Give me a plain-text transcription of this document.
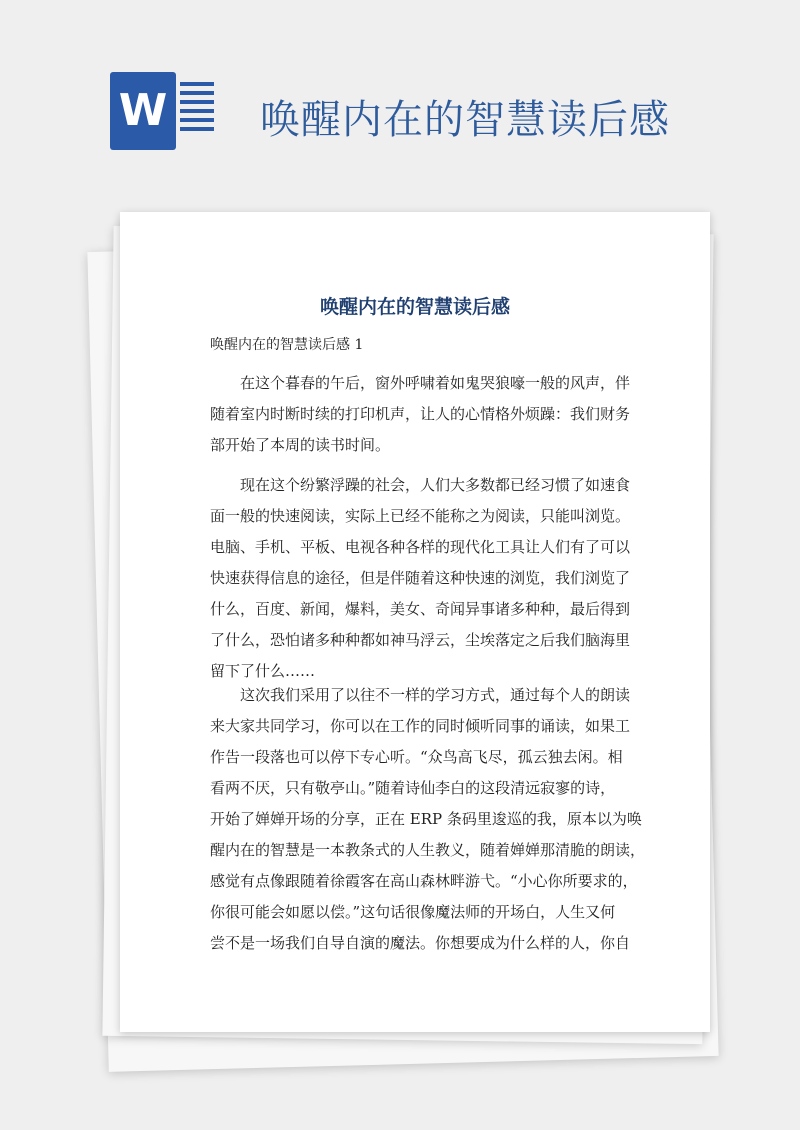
W 唤醒内在的智慧读后感
唤醒内在的智慧读后感
唤醒内在的智慧读后感 1
在这个暮春的午后，窗外呼啸着如鬼哭狼嚎一般的风声，伴
随着室内时断时续的打印机声，让人的心情格外烦躁：我们财务
部开始了本周的读书时间。
现在这个纷繁浮躁的社会，人们大多数都已经习惯了如速食
面一般的快速阅读，实际上已经不能称之为阅读，只能叫浏览。
电脑、手机、平板、电视各种各样的现代化工具让人们有了可以
快速获得信息的途径，但是伴随着这种快速的浏览，我们浏览了
什么，百度、新闻，爆料，美女、奇闻异事诸多种种，最后得到
了什么，恐怕诸多种种都如神马浮云，尘埃落定之后我们脑海里
留下了什么……
这次我们采用了以往不一样的学习方式，通过每个人的朗读
来大家共同学习，你可以在工作的同时倾听同事的诵读，如果工
作告一段落也可以停下专心听。“众鸟高飞尽，孤云独去闲。相
看两不厌，只有敬亭山。”随着诗仙李白的这段清远寂寥的诗，
开始了婵婵开场的分享，正在 ERP 条码里逡巡的我，原本以为唤
醒内在的智慧是一本教条式的人生教义，随着婵婵那清脆的朗读，
感觉有点像跟随着徐霞客在高山森林畔游弋。“小心你所要求的，
你很可能会如愿以偿。”这句话很像魔法师的开场白，人生又何
尝不是一场我们自导自演的魔法。你想要成为什么样的人，你自
